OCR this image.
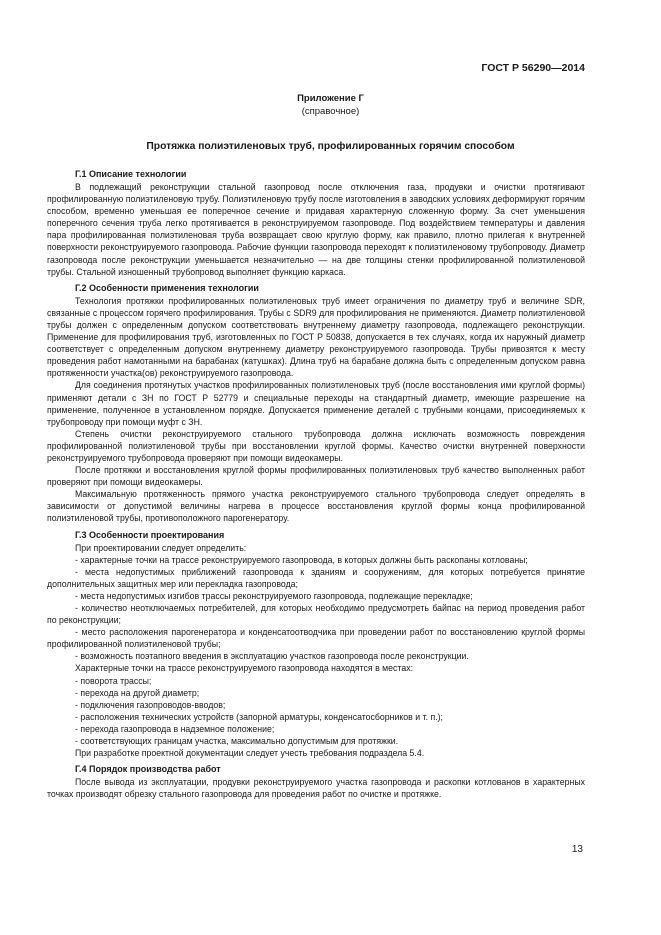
ГОСТ Р 56290—2014
Приложение Г
(справочное)
Протяжка полиэтиленовых труб, профилированных горячим способом
Г.1 Описание технологии

В подлежащий реконструкции стальной газопровод после отключения газа, продувки и очистки протягивают профилированную полиэтиленовую трубу. Полиэтиленовую трубу после изготовления в заводских условиях деформируют горячим способом, временно уменьшая ее поперечное сечение и придавая характерную сложенную форму. За счет уменьшения поперечного сечения труба легко протягивается в реконструируемом газопроводе. Под воздействием температуры и давления пара профилированная полиэтиленовая труба возвращает свою круглую форму, как правило, плотно прилегая к внутренней поверхности реконструируемого газопровода. Рабочие функции газопровода переходят к полиэтиленовому трубопроводу. Диаметр газопровода после реконструкции уменьшается незначительно — на две толщины стенки профилированной полиэтиленовой трубы. Стальной изношенный трубопровод выполняет функцию каркаса.

Г.2 Особенности применения технологии

Технология протяжки профилированных полиэтиленовых труб имеет ограничения по диаметру труб и величине SDR, связанные с процессом горячего профилирования. Трубы с SDR9 для профилирования не применяются. Диаметр полиэтиленовой трубы должен с определенным допуском соответствовать внутреннему диаметру газопровода, подлежащего реконструкции. Применение для профилирования труб, изготовленных по ГОСТ Р 50838, допускается в тех случаях, когда их наружный диаметр соответствует с определенным допуском внутреннему диаметру реконструируемого газопровода. Трубы привозятся к месту проведения работ намотанными на барабанах (катушках). Длина труб на барабане должна быть с определенным допуском равна протяженности участка(ов) реконструируемого газопровода.

Для соединения протянутых участков профилированных полиэтиленовых труб (после восстановления ими круглой формы) применяют детали с ЗН по ГОСТ Р 52779 и специальные переходы на стандартный диаметр, имеющие разрешение на применение, полученное в установленном порядке. Допускается применение деталей с трубными концами, присоединяемых к трубопроводу при помощи муфт с ЗН.

Степень очистки реконструируемого стального трубопровода должна исключать возможность повреждения профилированной полиэтиленовой трубы при восстановлении круглой формы. Качество очистки внутренней поверхности реконструируемого трубопровода проверяют при помощи видеокамеры.

После протяжки и восстановления круглой формы профилированных полиэтиленовых труб качество выполненных работ проверяют при помощи видеокамеры.

Максимальную протяженность прямого участка реконструируемого стального трубопровода следует определять в зависимости от допустимой величины нагрева в процессе восстановления круглой формы конца профилированной полиэтиленовой трубы, противоположного парогенератору.

Г.3 Особенности проектирования

При проектировании следует определить:

- характерные точки на трассе реконструируемого газопровода, в которых должны быть раскопаны котлованы;

- места недопустимых приближений газопровода к зданиям и сооружениям, для которых потребуется принятие дополнительных защитных мер или перекладка газопровода;

- места недопустимых изгибов трассы реконструируемого газопровода, подлежащие перекладке;

- количество неотключаемых потребителей, для которых необходимо предусмотреть байпас на период проведения работ по реконструкции;

- место расположения парогенератора и конденсатоотводчика при проведении работ по восстановлению круглой формы профилированной полиэтиленовой трубы;

- возможность поэтапного введения в эксплуатацию участков газопровода после реконструкции.

Характерные точки на трассе реконструируемого газопровода находятся в местах:

- поворота трассы;

- перехода на другой диаметр;

- подключения газопроводов-вводов;

- расположения технических устройств (запорной арматуры, конденсатосборников и т. п.);

- перехода газопровода в надземное положение;

- соответствующих границам участка, максимально допустимым для протяжки.

При разработке проектной документации следует учесть требования подраздела 5.4.

Г.4 Порядок производства работ

После вывода из эксплуатации, продувки реконструируемого участка газопровода и раскопки котлованов в характерных точках производят обрезку стального газопровода для проведения работ по очистке и протяжке.

13
